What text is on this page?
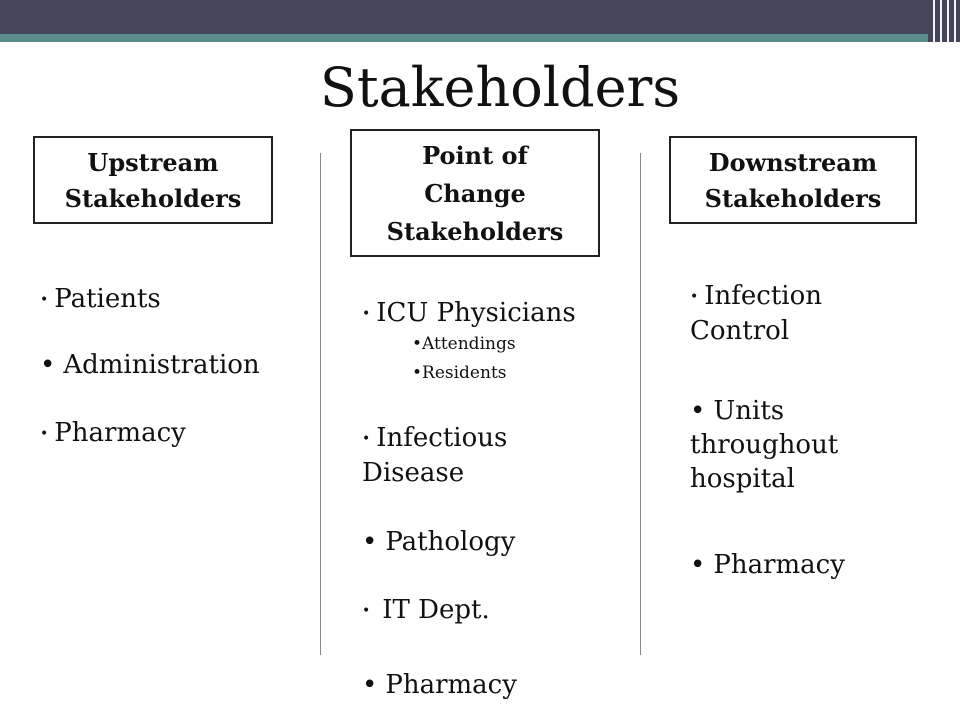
Stakeholders
Upstream
Stakeholders
Point of
Change
Stakeholders
Downstream
Stakeholders
• Patients
• Administration
• Pharmacy
• ICU Physicians
•Attendings
•Residents
• Infectious
Disease
• Pathology
• IT Dept.
• Pharmacy
• Infection
Control
• Units
throughout
hospital
• Pharmacy
